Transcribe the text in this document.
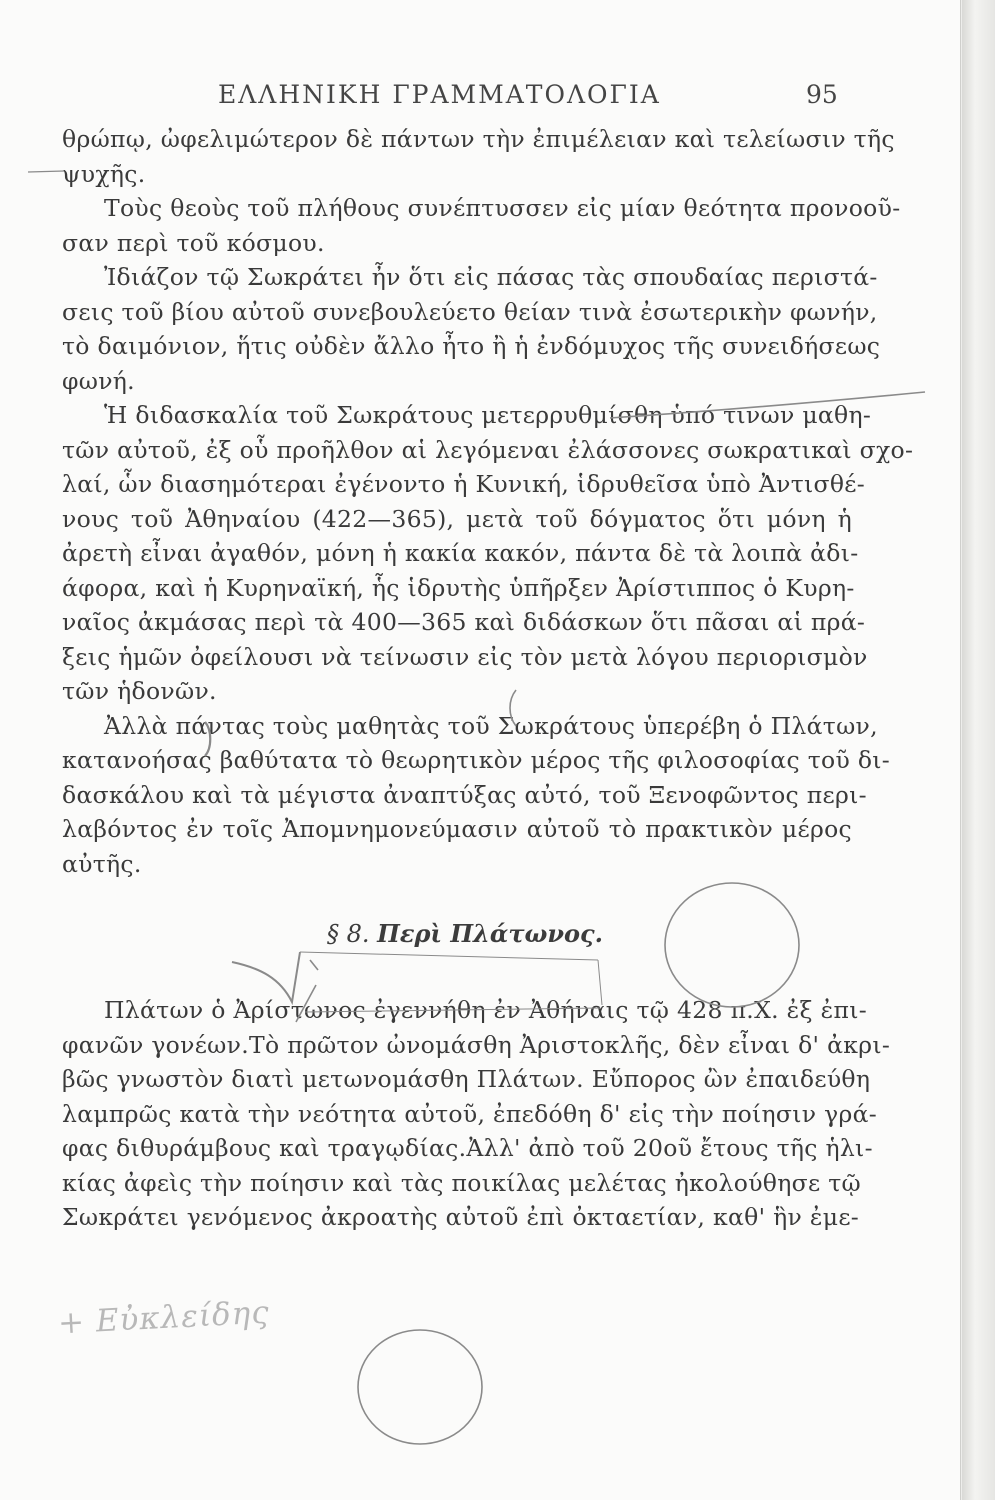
ΕΛΛΗΝΙΚΗ ΓΡΑΜΜΑΤΟΛΟΓΙΑ	95
θρώπῳ, ὠφελιμώτερον δὲ πάντων τὴν ἐπιμέλειαν καὶ τελείωσιν τῆς
ψυχῆς.
Τοὺς θεοὺς τοῦ πλήθους συνέπτυσσεν εἰς μίαν θεότητα προνοοῦ-
σαν περὶ τοῦ κόσμου.
Ἰδιάζον τῷ Σωκράτει ἦν ὅτι εἰς πάσας τὰς σπουδαίας περιστά-
σεις τοῦ βίου αὐτοῦ συνεβουλεύετο θείαν τινὰ ἐσωτερικὴν φωνήν,
τὸ δαιμόνιον, ἥτις οὐδὲν ἄλλο ἦτο ἢ ἡ ἐνδόμυχος τῆς συνειδήσεως
φωνή.
Ἡ διδασκαλία τοῦ Σωκράτους μετερρυθμίσθη ὑπό τινων μαθη-
τῶν αὐτοῦ, ἐξ οὗ προῆλθον αἱ λεγόμεναι ἐλάσσονες σωκρατικαὶ σχο-
λαί, ὧν διασημότεραι ἐγένοντο ἡ Κυνική, ἱδρυθεῖσα ὑπὸ Ἀντισθέ-
νους τοῦ Ἀθηναίου (422—365), μετὰ τοῦ δόγματος ὅτι μόνη ἡ
ἀρετὴ εἶναι ἀγαθόν, μόνη ἡ κακία κακόν, πάντα δὲ τὰ λοιπὰ ἀδι-
άφορα, καὶ ἡ Κυρηναϊκή, ἧς ἱδρυτὴς ὑπῆρξεν Ἀρίστιππος ὁ Κυρη-
ναῖος ἀκμάσας περὶ τὰ 400—365 καὶ διδάσκων ὅτι πᾶσαι αἱ πρά-
ξεις ἡμῶν ὀφείλουσι νὰ τείνωσιν εἰς τὸν μετὰ λόγου περιορισμὸν
τῶν ἡδονῶν.
Ἀλλὰ πάντας τοὺς μαθητὰς τοῦ Σωκράτους ὑπερέβη ὁ Πλάτων,
κατανοήσας βαθύτατα τὸ θεωρητικὸν μέρος τῆς φιλοσοφίας τοῦ δι-
δασκάλου καὶ τὰ μέγιστα ἀναπτύξας αὐτό, τοῦ Ξενοφῶντος περι-
λαβόντος ἐν τοῖς Ἀπομνημονεύμασιν αὐτοῦ τὸ πρακτικὸν μέρος
αὐτῆς.
§ 8. Περὶ Πλάτωνος.
Πλάτων ὁ Ἀρίστωνος ἐγεννήθη ἐν Ἀθήναις τῷ 428 π.Χ. ἐξ ἐπι-
φανῶν γονέων.Τὸ πρῶτον ὠνομάσθη Ἀριστοκλῆς, δὲν εἶναι δ' ἀκρι-
βῶς γνωστὸν διατὶ μετωνομάσθη Πλάτων. Εὔπορος ὢν ἐπαιδεύθη
λαμπρῶς κατὰ τὴν νεότητα αὐτοῦ, ἐπεδόθη δ' εἰς τὴν ποίησιν γρά-
φας διθυράμβους καὶ τραγῳδίας.Ἀλλ' ἀπὸ τοῦ 20οῦ ἔτους τῆς ἡλι-
κίας ἀφεὶς τὴν ποίησιν καὶ τὰς ποικίλας μελέτας ἠκολούθησε τῷ
Σωκράτει γενόμενος ἀκροατὴς αὐτοῦ ἐπὶ ὀκταετίαν, καθ' ἣν ἐμε-
+ Εὐκλείδης
